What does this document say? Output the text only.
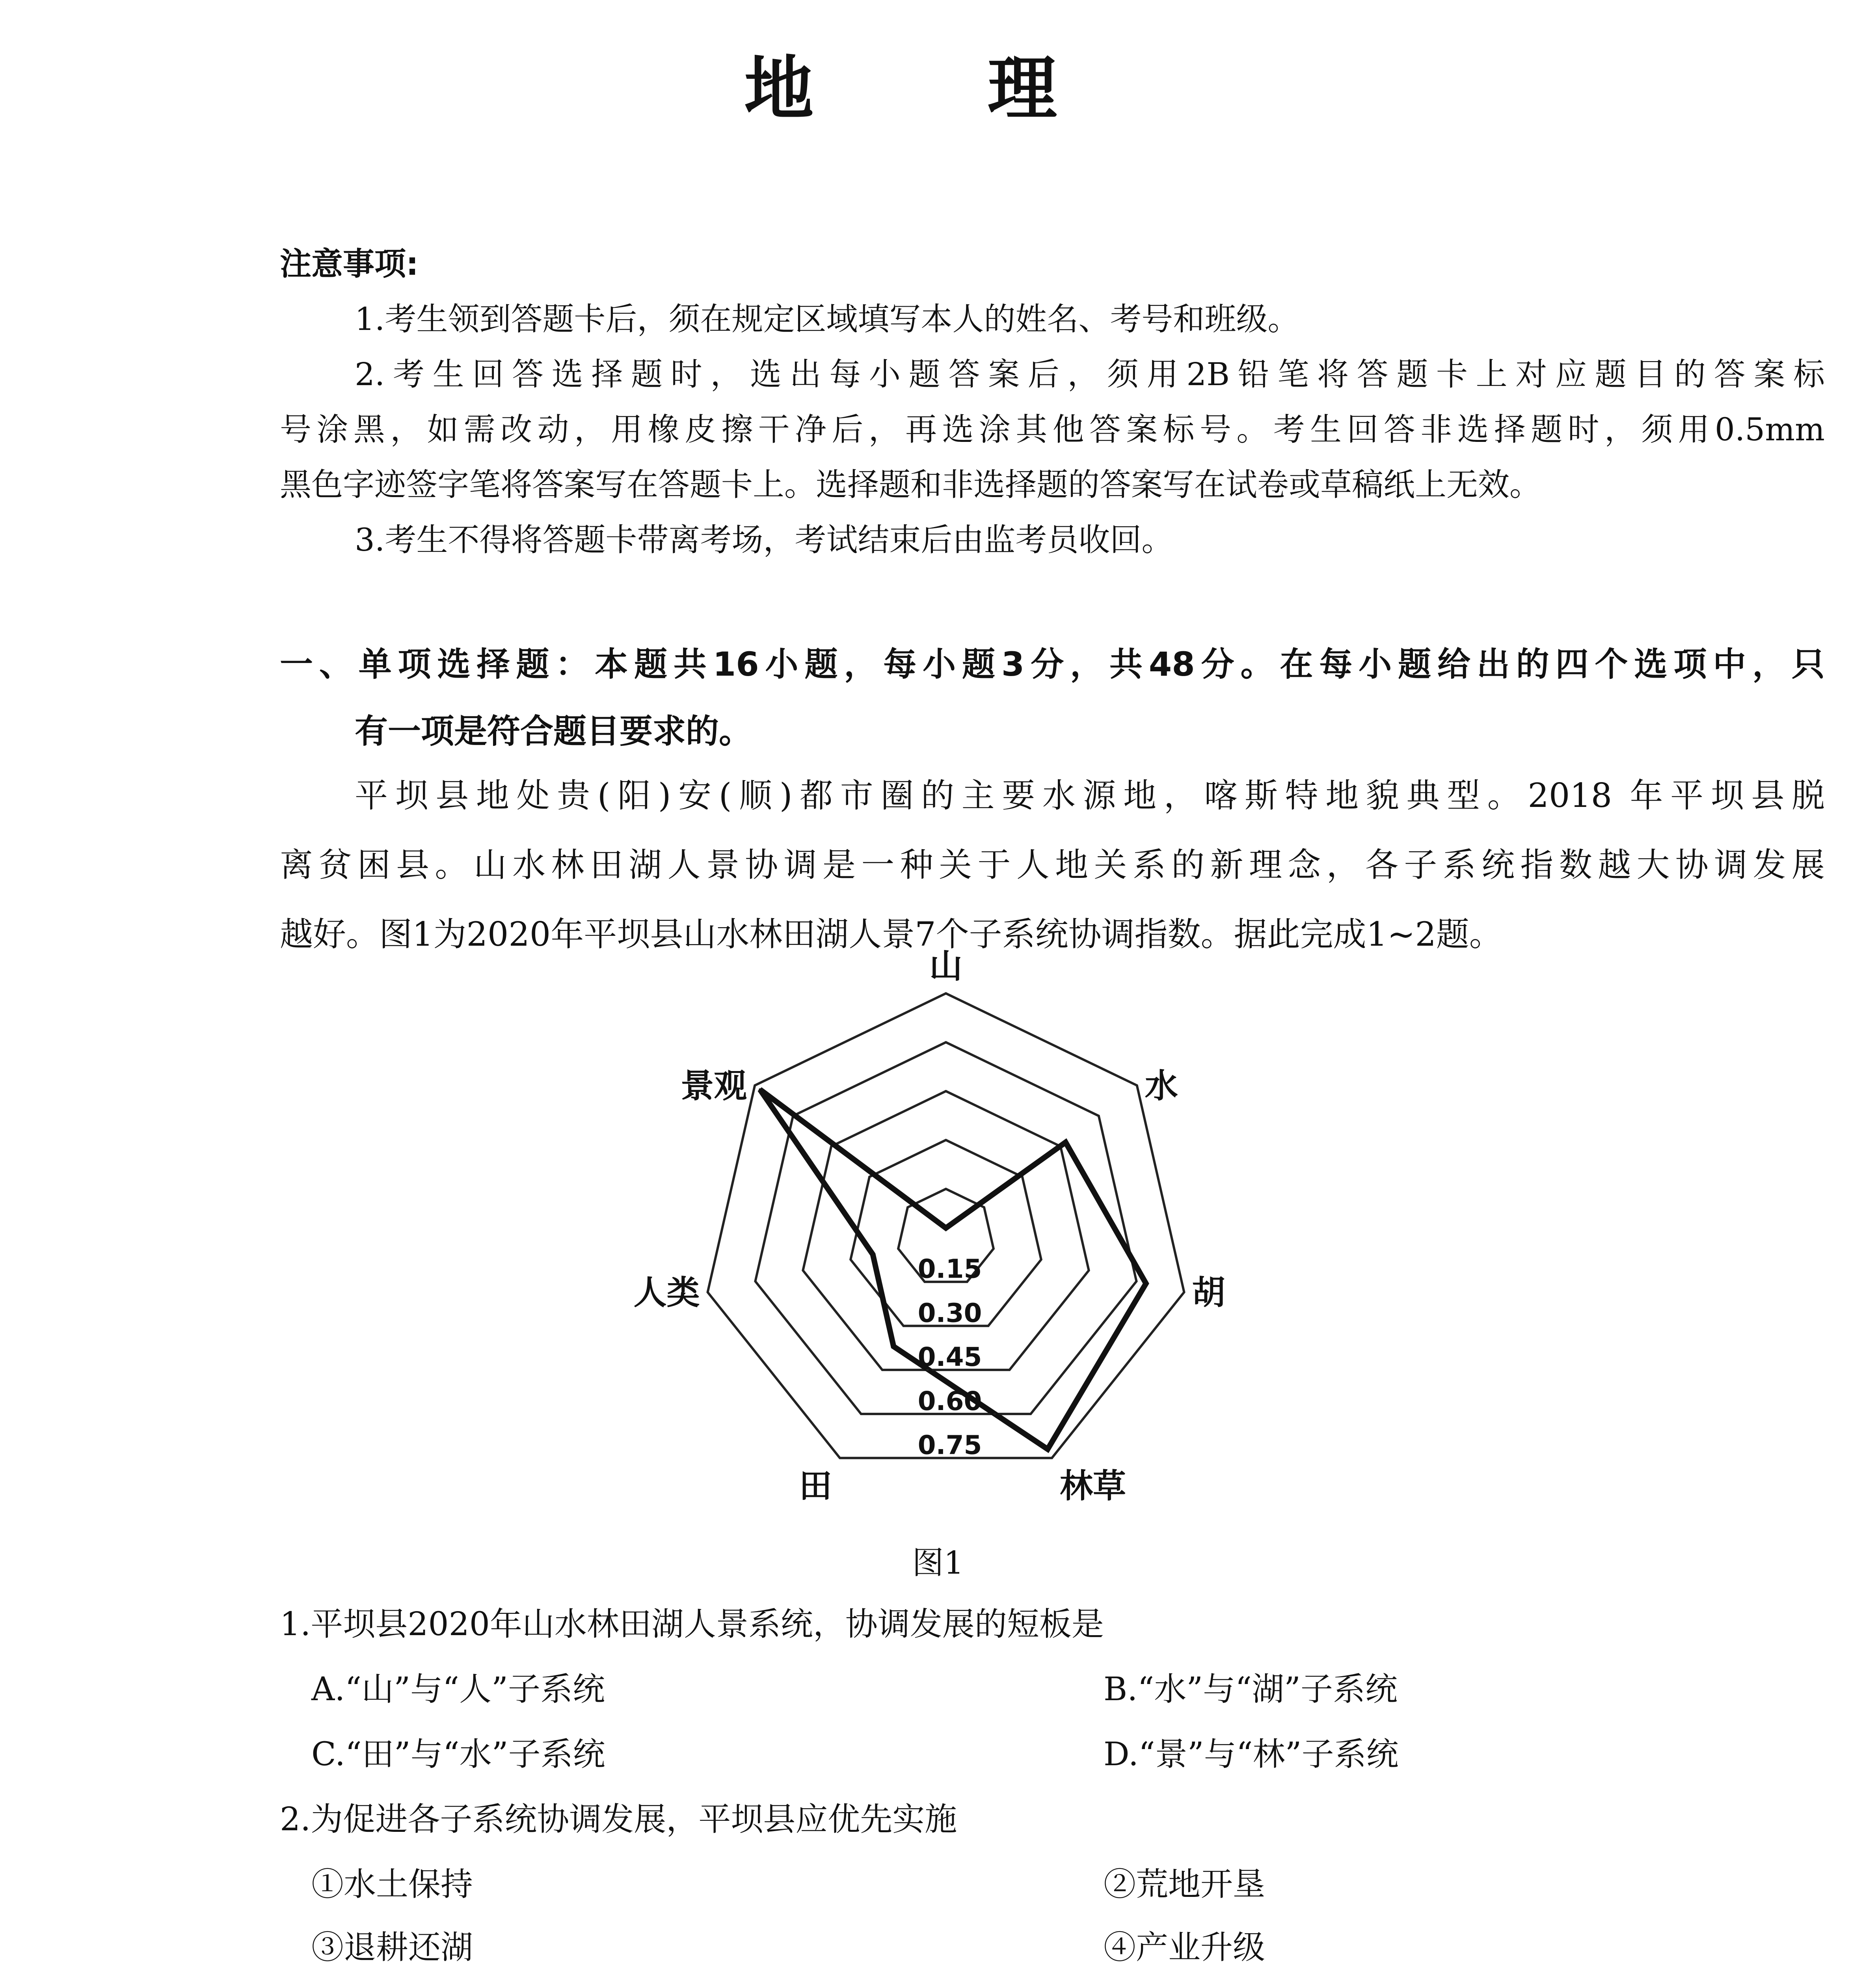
地 理
注意事项:
1.考生领到答题卡后，须在规定区域填写本人的姓名、考号和班级。
2.考生回答选择题时，选出每小题答案后，须用2B铅笔将答题卡上对应题目的答案标
号涂黑，如需改动，用橡皮擦干净后，再选涂其他答案标号。考生回答非选择题时，须用0.5mm
黑色字迹签字笔将答案写在答题卡上。选择题和非选择题的答案写在试卷或草稿纸上无效。
3.考生不得将答题卡带离考场，考试结束后由监考员收回。
一、单项选择题：本题共16小题，每小题3分，共48分。在每小题给出的四个选项中，只
有一项是符合题目要求的。
平坝县地处贵(阳)安(顺)都市圈的主要水源地，喀斯特地貌典型。2018 年平坝县脱
离贫困县。山水林田湖人景协调是一种关于人地关系的新理念，各子系统指数越大协调发展
越好。图1为2020年平坝县山水林田湖人景7个子系统协调指数。据此完成1~2题。
0.15
0.30
0.45
0.60
0.75
山
水
胡
林草
田
人类
景观
图1
1.平坝县2020年山水林田湖人景系统，协调发展的短板是
A.“山”与“人”子系统	B.“水”与“湖”子系统
C.“田”与“水”子系统	D.“景”与“林”子系统
2.为促进各子系统协调发展，平坝县应优先实施
①水土保持	②荒地开垦
③退耕还湖	④产业升级
